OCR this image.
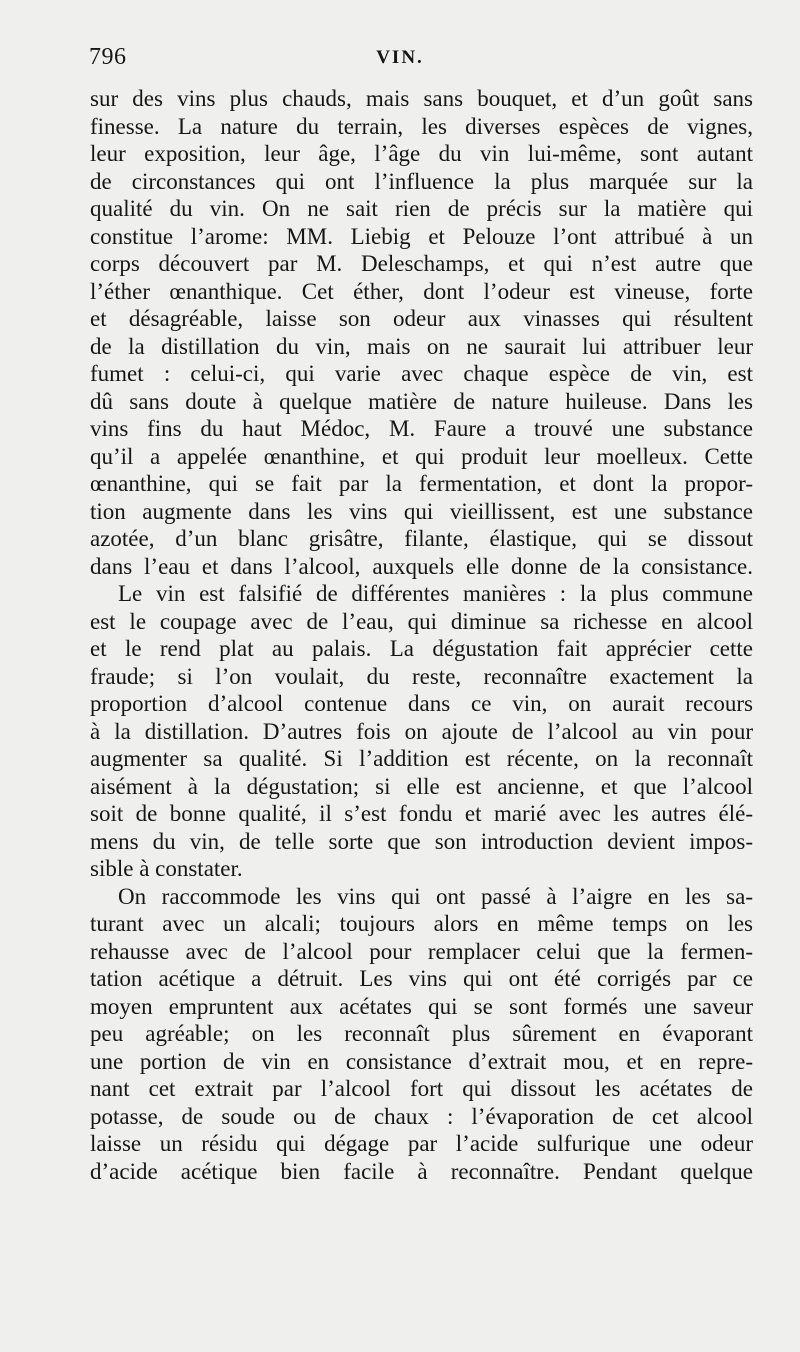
796	VIN.
sur des vins plus chauds, mais sans bouquet, et d’un goût sans
finesse. La nature du terrain, les diverses espèces de vignes,
leur exposition, leur âge, l’âge du vin lui-même, sont autant
de circonstances qui ont l’influence la plus marquée sur la
qualité du vin. On ne sait rien de précis sur la matière qui
constitue l’arome: MM. Liebig et Pelouze l’ont attribué à un
corps découvert par M. Deleschamps, et qui n’est autre que
l’éther œnanthique. Cet éther, dont l’odeur est vineuse, forte
et désagréable, laisse son odeur aux vinasses qui résultent
de la distillation du vin, mais on ne saurait lui attribuer leur
fumet : celui-ci, qui varie avec chaque espèce de vin, est
dû sans doute à quelque matière de nature huileuse. Dans les
vins fins du haut Médoc, M. Faure a trouvé une substance
qu’il a appelée œnanthine, et qui produit leur moelleux. Cette
œnanthine, qui se fait par la fermentation, et dont la propor-
tion augmente dans les vins qui vieillissent, est une substance
azotée, d’un blanc grisâtre, filante, élastique, qui se dissout
dans l’eau et dans l’alcool, auxquels elle donne de la consistance.
Le vin est falsifié de différentes manières : la plus commune
est le coupage avec de l’eau, qui diminue sa richesse en alcool
et le rend plat au palais. La dégustation fait apprécier cette
fraude; si l’on voulait, du reste, reconnaître exactement la
proportion d’alcool contenue dans ce vin, on aurait recours
à la distillation. D’autres fois on ajoute de l’alcool au vin pour
augmenter sa qualité. Si l’addition est récente, on la reconnaît
aisément à la dégustation; si elle est ancienne, et que l’alcool
soit de bonne qualité, il s’est fondu et marié avec les autres élé-
mens du vin, de telle sorte que son introduction devient impos-
sible à constater.
On raccommode les vins qui ont passé à l’aigre en les sa-
turant avec un alcali; toujours alors en même temps on les
rehausse avec de l’alcool pour remplacer celui que la fermen-
tation acétique a détruit. Les vins qui ont été corrigés par ce
moyen empruntent aux acétates qui se sont formés une saveur
peu agréable; on les reconnaît plus sûrement en évaporant
une portion de vin en consistance d’extrait mou, et en repre-
nant cet extrait par l’alcool fort qui dissout les acétates de
potasse, de soude ou de chaux : l’évaporation de cet alcool
laisse un résidu qui dégage par l’acide sulfurique une odeur
d’acide acétique bien facile à reconnaître. Pendant quelque
